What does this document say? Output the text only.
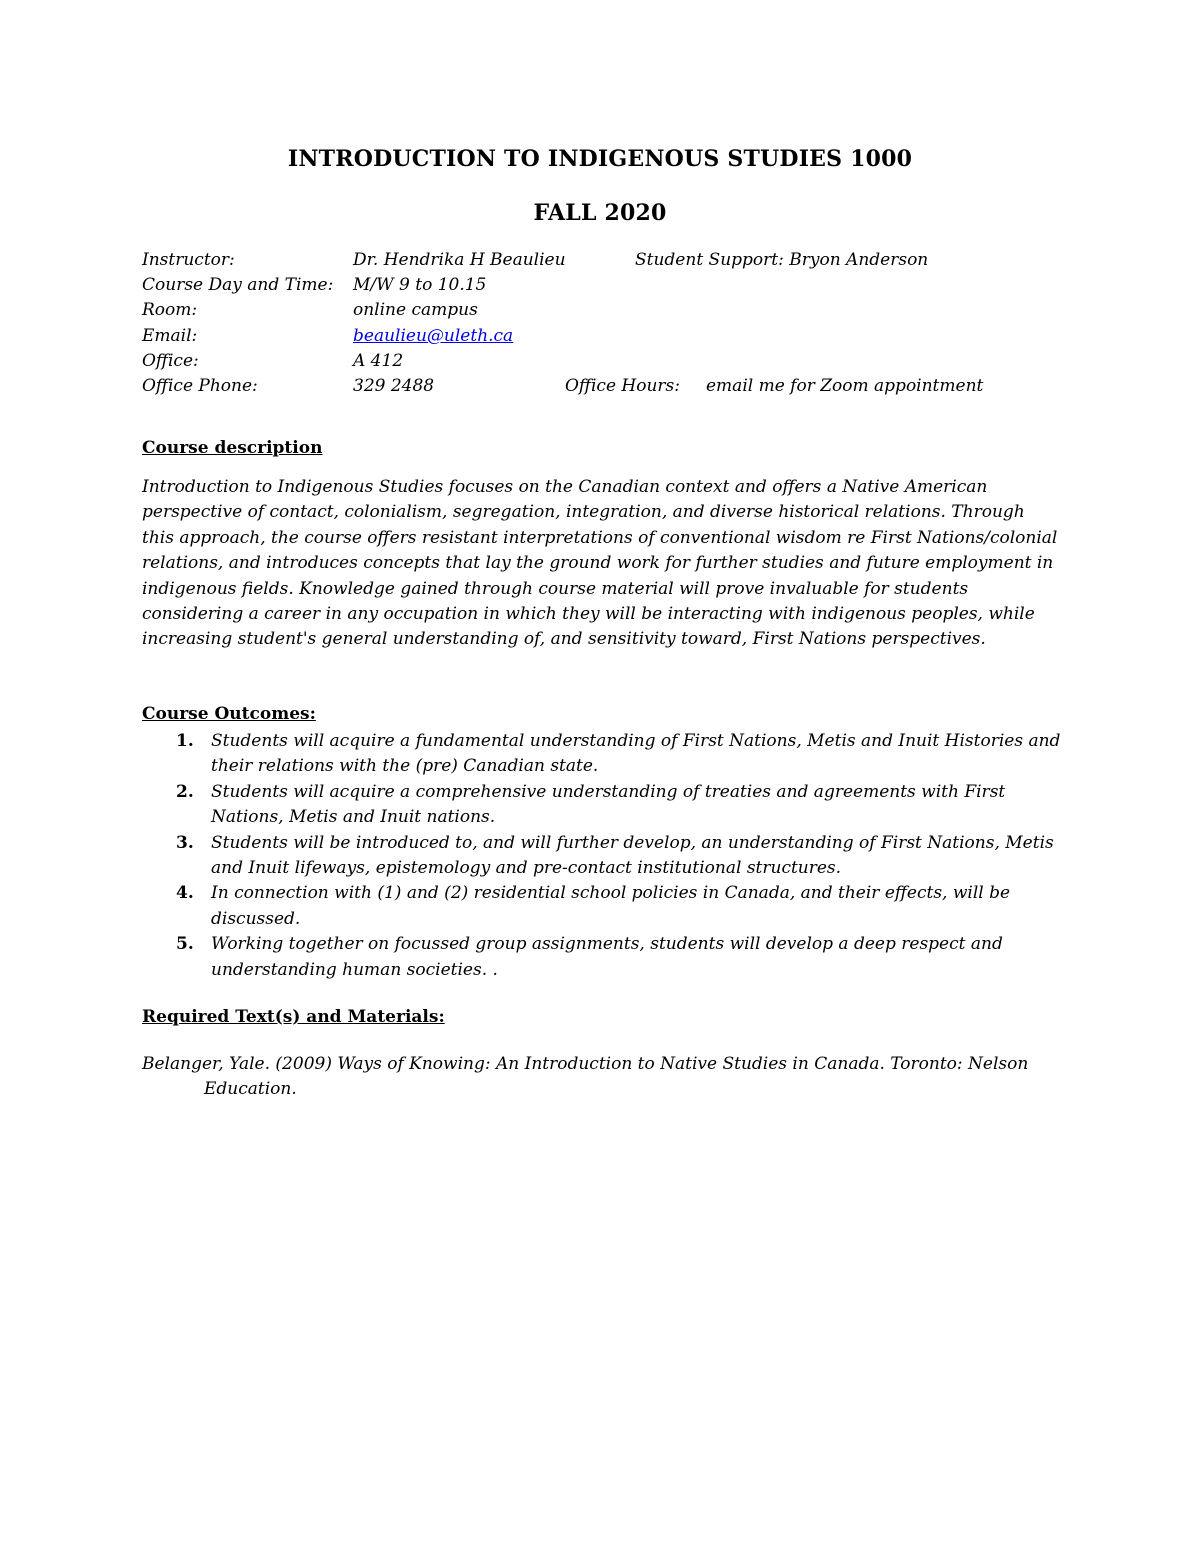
INTRODUCTION TO INDIGENOUS STUDIES 1000
FALL 2020
Instructor:	Dr. Hendrika H Beaulieu	Student Support: Bryon Anderson
Course Day and Time: M/W 9 to 10.15
Room:	online campus
Email:	beaulieu@uleth.ca
Office:	A 412
Office Phone:	329 2488	Office Hours: email me for Zoom appointment
Course description
Introduction to Indigenous Studies focuses on the Canadian context and offers a Native American perspective of contact, colonialism, segregation, integration, and diverse historical relations. Through this approach, the course offers resistant interpretations of conventional wisdom re First Nations/colonial relations, and introduces concepts that lay the ground work for further studies and future employment in indigenous fields. Knowledge gained through course material will prove invaluable for students considering a career in any occupation in which they will be interacting with indigenous peoples, while increasing student's general understanding of, and sensitivity toward, First Nations perspectives.
Course Outcomes:
1. Students will acquire a fundamental understanding of First Nations, Metis and Inuit Histories and their relations with the (pre) Canadian state.
2. Students will acquire a comprehensive understanding of treaties and agreements with First Nations, Metis and Inuit nations.
3. Students will be introduced to, and will further develop, an understanding of First Nations, Metis and Inuit lifeways, epistemology and pre-contact institutional structures.
4. In connection with (1) and (2) residential school policies in Canada, and their effects, will be discussed.
5. Working together on focussed group assignments, students will develop a deep respect and understanding human societies. .
Required Text(s) and Materials:
Belanger, Yale. (2009) Ways of Knowing: An Introduction to Native Studies in Canada. Toronto: Nelson Education.
